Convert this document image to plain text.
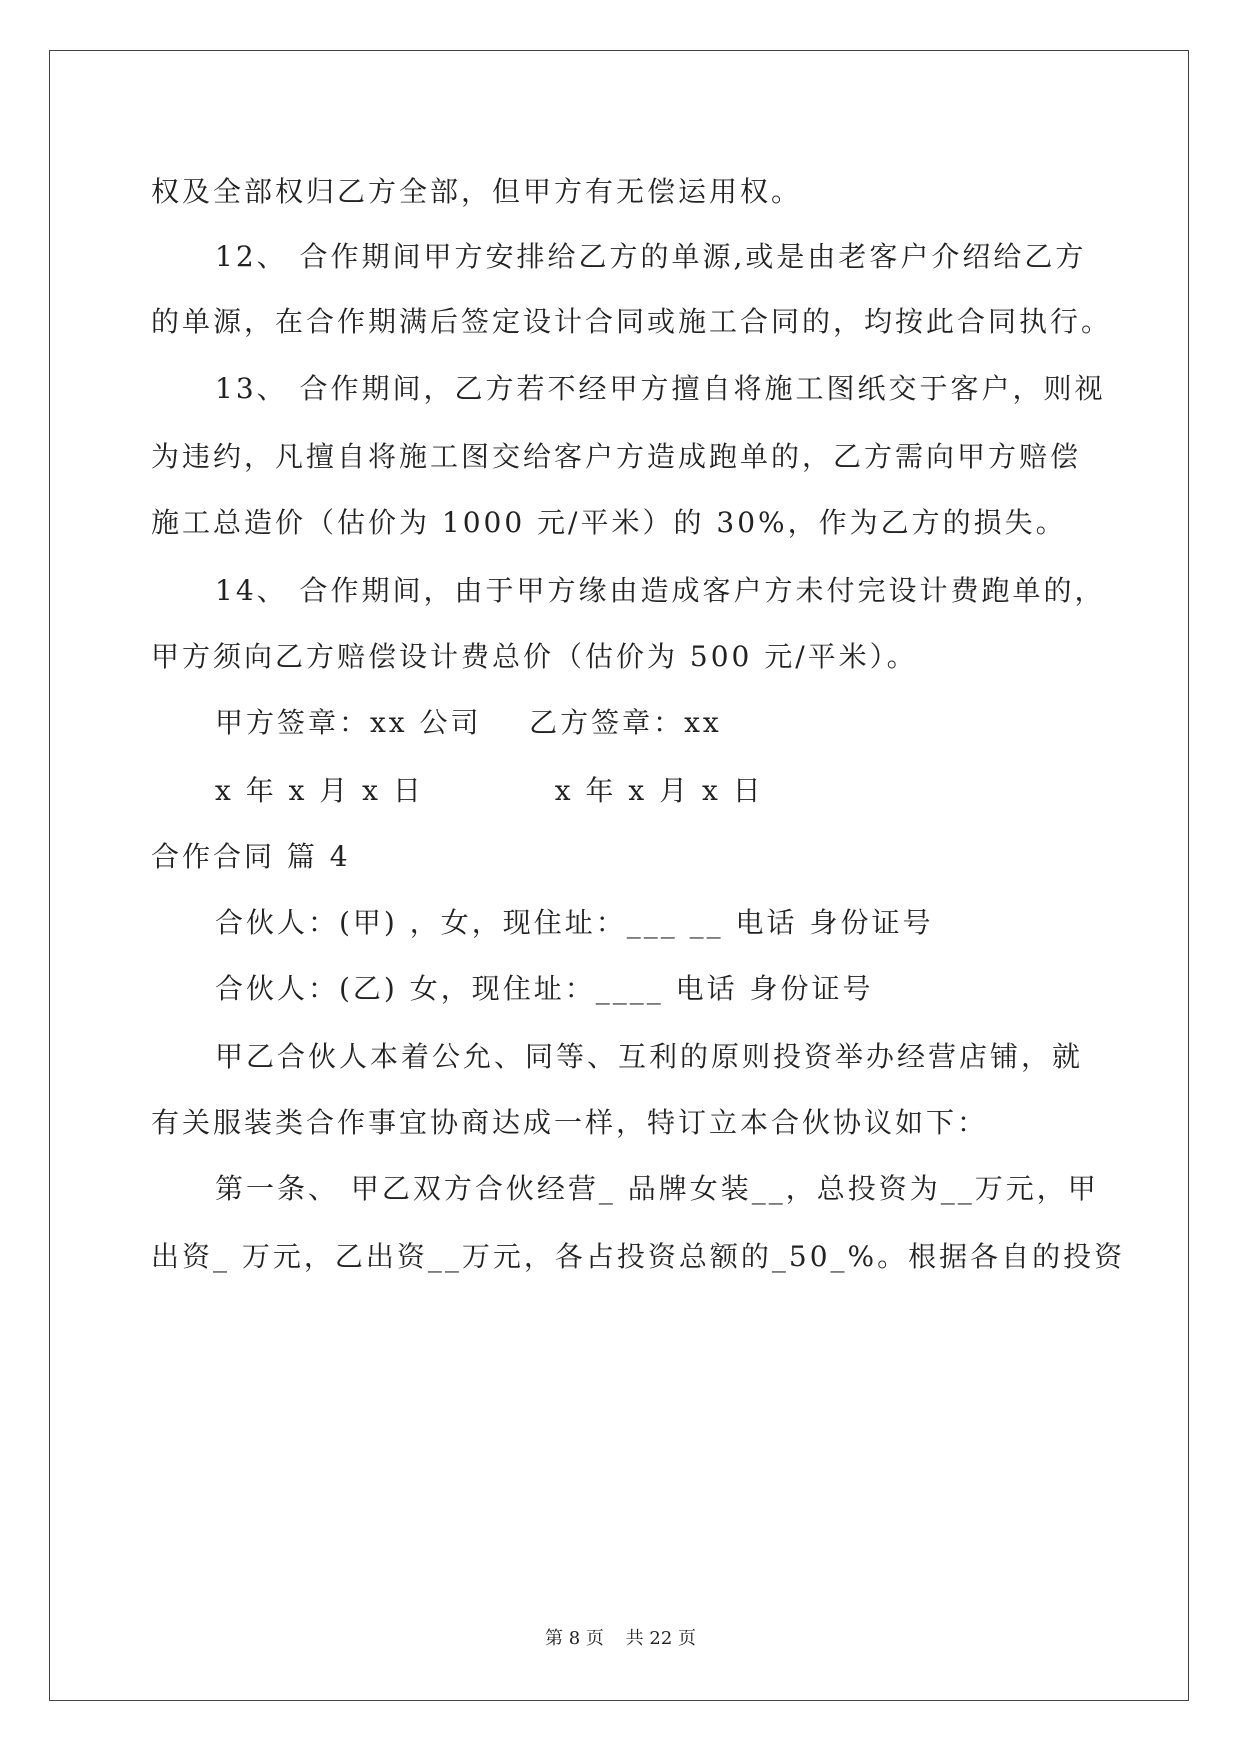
权及全部权归乙方全部，但甲方有无偿运用权。
12、 合作期间甲方安排给乙方的单源,或是由老客户介绍给乙方
的单源，在合作期满后签定设计合同或施工合同的，均按此合同执行。
13、 合作期间，乙方若不经甲方擅自将施工图纸交于客户，则视
为违约，凡擅自将施工图交给客户方造成跑单的，乙方需向甲方赔偿
施工总造价（估价为 1000 元/平米）的 30%，作为乙方的损失。
14、 合作期间，由于甲方缘由造成客户方未付完设计费跑单的，
甲方须向乙方赔偿设计费总价（估价为 500 元/平米）。
甲方签章：xx 公司    乙方签章：xx
x 年 x 月 x 日           x 年 x 月 x 日
合作合同 篇 4
合伙人：(甲) ，女，现住址：___ __ 电话 身份证号
合伙人：(乙) 女，现住址：____ 电话 身份证号
甲乙合伙人本着公允、同等、互利的原则投资举办经营店铺，就
有关服装类合作事宜协商达成一样，特订立本合伙协议如下：
第一条、 甲乙双方合伙经营_ 品牌女装__，总投资为__万元，甲
出资_ 万元，乙出资__万元，各占投资总额的_50_%。根据各自的投资
第 8 页 共 22 页
